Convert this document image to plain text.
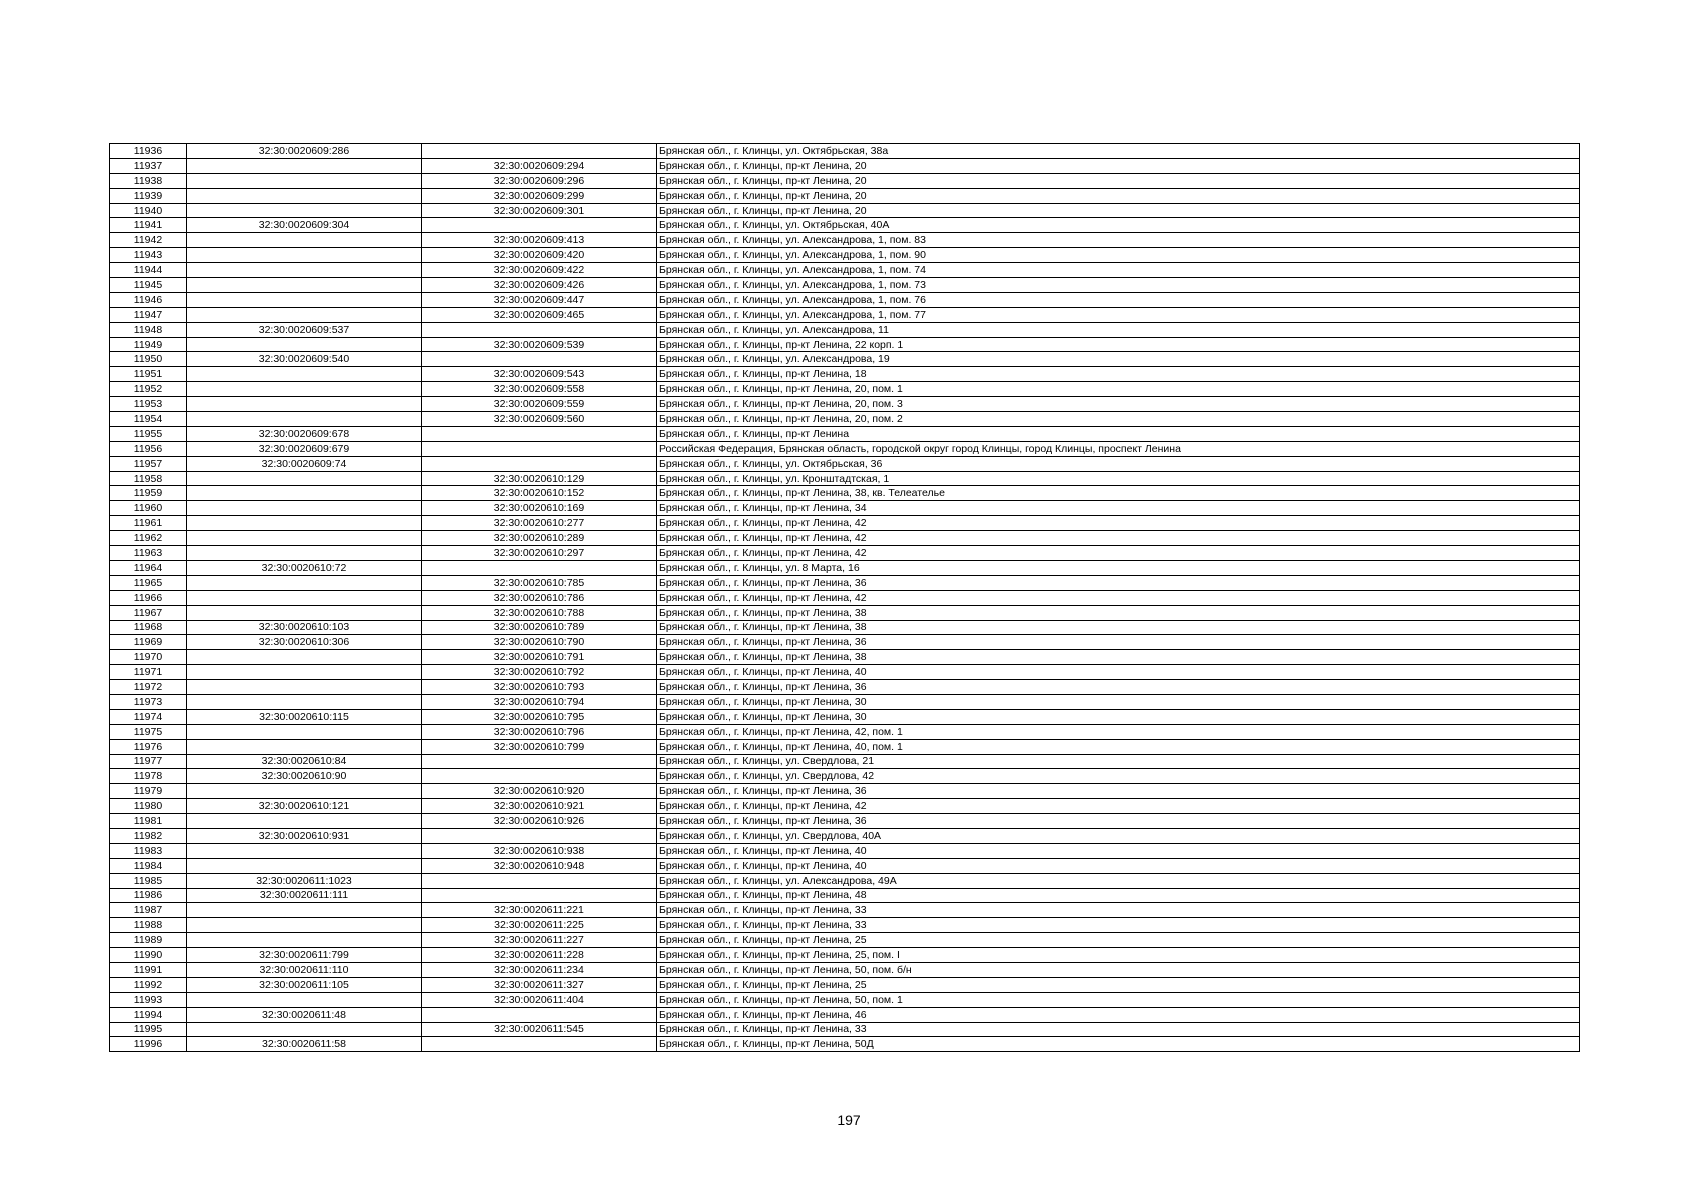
11936	32:30:0020609:286		Брянская обл., г. Клинцы, ул. Октябрьская, 38а
11937		32:30:0020609:294	Брянская обл., г. Клинцы, пр-кт Ленина, 20
11938		32:30:0020609:296	Брянская обл., г. Клинцы, пр-кт Ленина, 20
11939		32:30:0020609:299	Брянская обл., г. Клинцы, пр-кт Ленина, 20
11940		32:30:0020609:301	Брянская обл., г. Клинцы, пр-кт Ленина, 20
11941	32:30:0020609:304		Брянская обл., г. Клинцы, ул. Октябрьская, 40А
11942		32:30:0020609:413	Брянская обл., г. Клинцы, ул. Александрова, 1, пом. 83
11943		32:30:0020609:420	Брянская обл., г. Клинцы, ул. Александрова, 1, пом. 90
11944		32:30:0020609:422	Брянская обл., г. Клинцы, ул. Александрова, 1, пом. 74
11945		32:30:0020609:426	Брянская обл., г. Клинцы, ул. Александрова, 1, пом. 73
11946		32:30:0020609:447	Брянская обл., г. Клинцы, ул. Александрова, 1, пом. 76
11947		32:30:0020609:465	Брянская обл., г. Клинцы, ул. Александрова, 1, пом. 77
11948	32:30:0020609:537		Брянская обл., г. Клинцы, ул. Александрова, 11
11949		32:30:0020609:539	Брянская обл., г. Клинцы, пр-кт Ленина, 22 корп. 1
11950	32:30:0020609:540		Брянская обл., г. Клинцы, ул. Александрова, 19
11951		32:30:0020609:543	Брянская обл., г. Клинцы, пр-кт Ленина, 18
11952		32:30:0020609:558	Брянская обл., г. Клинцы, пр-кт Ленина, 20, пом. 1
11953		32:30:0020609:559	Брянская обл., г. Клинцы, пр-кт Ленина, 20, пом. 3
11954		32:30:0020609:560	Брянская обл., г. Клинцы, пр-кт Ленина, 20, пом. 2
11955	32:30:0020609:678		Брянская обл., г. Клинцы, пр-кт Ленина
11956	32:30:0020609:679		Российская Федерация, Брянская область, городской округ город Клинцы, город Клинцы, проспект Ленина
11957	32:30:0020609:74		Брянская обл., г. Клинцы, ул. Октябрьская, 36
11958		32:30:0020610:129	Брянская обл., г. Клинцы, ул. Кронштадтская, 1
11959		32:30:0020610:152	Брянская обл., г. Клинцы, пр-кт Ленина, 38, кв. Телеателье
11960		32:30:0020610:169	Брянская обл., г. Клинцы, пр-кт Ленина, 34
11961		32:30:0020610:277	Брянская обл., г. Клинцы, пр-кт Ленина, 42
11962		32:30:0020610:289	Брянская обл., г. Клинцы, пр-кт Ленина, 42
11963		32:30:0020610:297	Брянская обл., г. Клинцы, пр-кт Ленина, 42
11964	32:30:0020610:72		Брянская обл., г. Клинцы, ул. 8 Марта, 16
11965		32:30:0020610:785	Брянская обл., г. Клинцы, пр-кт Ленина, 36
11966		32:30:0020610:786	Брянская обл., г. Клинцы, пр-кт Ленина, 42
11967		32:30:0020610:788	Брянская обл., г. Клинцы, пр-кт Ленина, 38
11968	32:30:0020610:103	32:30:0020610:789	Брянская обл., г. Клинцы, пр-кт Ленина, 38
11969	32:30:0020610:306	32:30:0020610:790	Брянская обл., г. Клинцы, пр-кт Ленина, 36
11970		32:30:0020610:791	Брянская обл., г. Клинцы, пр-кт Ленина, 38
11971		32:30:0020610:792	Брянская обл., г. Клинцы, пр-кт Ленина, 40
11972		32:30:0020610:793	Брянская обл., г. Клинцы, пр-кт Ленина, 36
11973		32:30:0020610:794	Брянская обл., г. Клинцы, пр-кт Ленина, 30
11974	32:30:0020610:115	32:30:0020610:795	Брянская обл., г. Клинцы, пр-кт Ленина, 30
11975		32:30:0020610:796	Брянская обл., г. Клинцы, пр-кт Ленина, 42, пом. 1
11976		32:30:0020610:799	Брянская обл., г. Клинцы, пр-кт Ленина, 40, пом. 1
11977	32:30:0020610:84		Брянская обл., г. Клинцы, ул. Свердлова, 21
11978	32:30:0020610:90		Брянская обл., г. Клинцы, ул. Свердлова, 42
11979		32:30:0020610:920	Брянская обл., г. Клинцы, пр-кт Ленина, 36
11980	32:30:0020610:121	32:30:0020610:921	Брянская обл., г. Клинцы, пр-кт Ленина, 42
11981		32:30:0020610:926	Брянская обл., г. Клинцы, пр-кт Ленина, 36
11982	32:30:0020610:931		Брянская обл., г. Клинцы, ул. Свердлова, 40А
11983		32:30:0020610:938	Брянская обл., г. Клинцы, пр-кт Ленина, 40
11984		32:30:0020610:948	Брянская обл., г. Клинцы, пр-кт Ленина, 40
11985	32:30:0020611:1023		Брянская обл., г. Клинцы, ул. Александрова, 49А
11986	32:30:0020611:111		Брянская обл., г. Клинцы, пр-кт Ленина, 48
11987		32:30:0020611:221	Брянская обл., г. Клинцы, пр-кт Ленина, 33
11988		32:30:0020611:225	Брянская обл., г. Клинцы, пр-кт Ленина, 33
11989		32:30:0020611:227	Брянская обл., г. Клинцы, пр-кт Ленина, 25
11990	32:30:0020611:799	32:30:0020611:228	Брянская обл., г. Клинцы, пр-кт Ленина, 25, пом. I
11991	32:30:0020611:110	32:30:0020611:234	Брянская обл., г. Клинцы, пр-кт Ленина, 50, пом. б/н
11992	32:30:0020611:105	32:30:0020611:327	Брянская обл., г. Клинцы, пр-кт Ленина, 25
11993		32:30:0020611:404	Брянская обл., г. Клинцы, пр-кт Ленина, 50, пом. 1
11994	32:30:0020611:48		Брянская обл., г. Клинцы, пр-кт Ленина, 46
11995		32:30:0020611:545	Брянская обл., г. Клинцы, пр-кт Ленина, 33
11996	32:30:0020611:58		Брянская обл., г. Клинцы, пр-кт Ленина, 50Д
197
